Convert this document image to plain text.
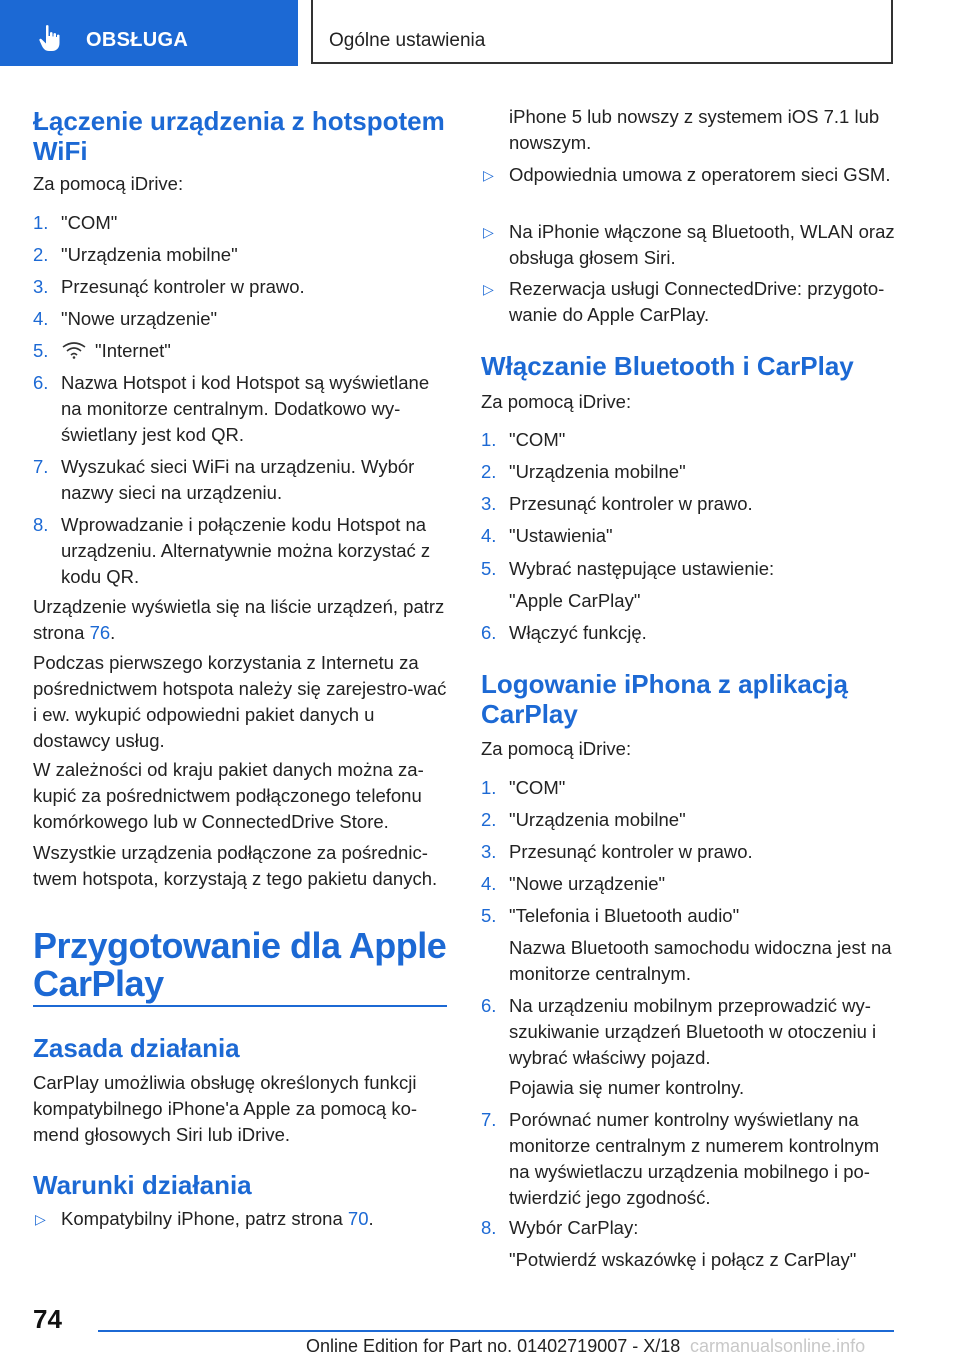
OBSŁUGA	Ogólne ustawienia
Łączenie urządzenia z hotspotem WiFi
Za pomocą iDrive:
1. "COM"
2. "Urządzenia mobilne"
3. Przesunąć kontroler w prawo.
4. "Nowe urządzenie"
5.	"Internet"
6. Nazwa Hotspot i kod Hotspot są wyświetlane na monitorze centralnym. Dodatkowo wy-świetlany jest kod QR.
7. Wyszukać sieci WiFi na urządzeniu. Wybór nazwy sieci na urządzeniu.
8. Wprowadzanie i połączenie kodu Hotspot na urządzeniu. Alternatywnie można korzystać z kodu QR.
Urządzenie wyświetla się na liście urządzeń, patrz strona 76.
Podczas pierwszego korzystania z Internetu za pośrednictwem hotspota należy się zarejestro-wać i ew. wykupić odpowiedni pakiet danych u dostawcy usług.
W zależności od kraju pakiet danych można za-kupić za pośrednictwem podłączonego telefonu komórkowego lub w ConnectedDrive Store.
Wszystkie urządzenia podłączone za pośrednic-twem hotspota, korzystają z tego pakietu danych.
Przygotowanie dla Apple CarPlay
Zasada działania
CarPlay umożliwia obsługę określonych funkcji kompatybilnego iPhone'a Apple za pomocą ko-mend głosowych Siri lub iDrive.
Warunki działania
▷ Kompatybilny iPhone, patrz strona 70.
iPhone 5 lub nowszy z systemem iOS 7.1 lub nowszym.
▷ Odpowiednia umowa z operatorem sieci GSM.
▷ Na iPhonie włączone są Bluetooth, WLAN oraz obsługa głosem Siri.
▷ Rezerwacja usługi ConnectedDrive: przygoto-wanie do Apple CarPlay.
Włączanie Bluetooth i CarPlay
Za pomocą iDrive:
1. "COM"
2. "Urządzenia mobilne"
3. Przesunąć kontroler w prawo.
4. "Ustawienia"
5. Wybrać następujące ustawienie:
"Apple CarPlay"
6. Włączyć funkcję.
Logowanie iPhona z aplikacją CarPlay
Za pomocą iDrive:
1. "COM"
2. "Urządzenia mobilne"
3. Przesunąć kontroler w prawo.
4. "Nowe urządzenie"
5. "Telefonia i Bluetooth audio"
Nazwa Bluetooth samochodu widoczna jest na monitorze centralnym.
6. Na urządzeniu mobilnym przeprowadzić wy-szukiwanie urządzeń Bluetooth w otoczeniu i wybrać właściwy pojazd.
Pojawia się numer kontrolny.
7. Porównać numer kontrolny wyświetlany na monitorze centralnym z numerem kontrolnym na wyświetlaczu urządzenia mobilnego i po-twierdzić jego zgodność.
8. Wybór CarPlay:
"Potwierdź wskazówkę i połącz z CarPlay"
74
Online Edition for Part no. 01402719007 - X/18 carmanualsonline.info
